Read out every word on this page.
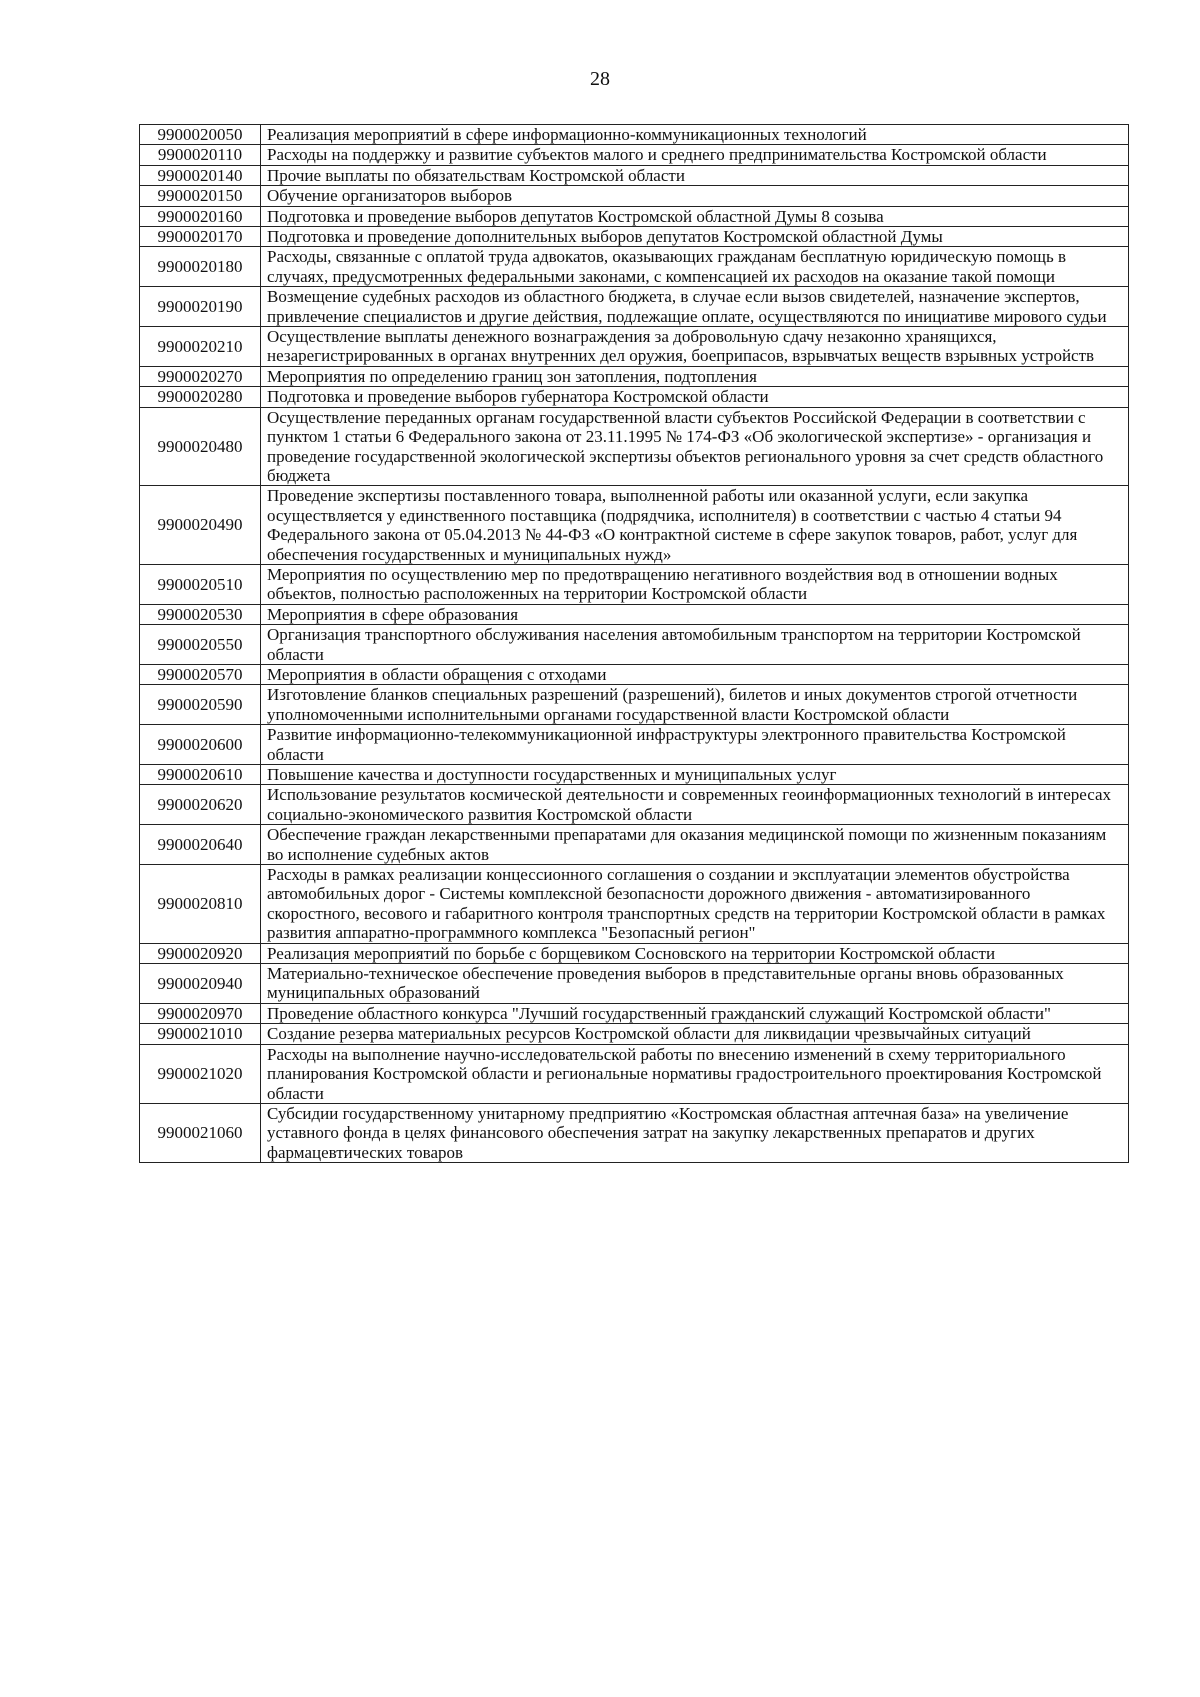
28
9900020050	Реализация мероприятий в сфере информационно-коммуникационных технологий
9900020110	Расходы на поддержку и развитие субъектов малого и среднего предпринимательства Костромской области
9900020140	Прочие выплаты по обязательствам Костромской области
9900020150	Обучение организаторов выборов
9900020160	Подготовка и проведение выборов депутатов Костромской областной Думы 8 созыва
9900020170	Подготовка и проведение дополнительных выборов депутатов Костромской областной Думы
9900020180	Расходы, связанные с оплатой труда адвокатов, оказывающих гражданам бесплатную юридическую помощь в случаях, предусмотренных федеральными законами, с компенсацией их расходов на оказание такой помощи
9900020190	Возмещение судебных расходов из областного бюджета, в случае если вызов свидетелей, назначение экспертов, привлечение специалистов и другие действия, подлежащие оплате, осуществляются по инициативе мирового судьи
9900020210	Осуществление выплаты денежного вознаграждения за добровольную сдачу незаконно хранящихся, незарегистрированных в органах внутренних дел оружия, боеприпасов, взрывчатых веществ взрывных устройств
9900020270	Мероприятия по определению границ зон затопления, подтопления
9900020280	Подготовка и проведение выборов губернатора Костромской области
9900020480	Осуществление переданных органам государственной власти субъектов Российской Федерации в соответствии с пунктом 1 статьи 6 Федерального закона от 23.11.1995 № 174-ФЗ «Об экологической экспертизе» - организация и проведение государственной экологической экспертизы объектов регионального уровня за счет средств областного бюджета
9900020490	Проведение экспертизы поставленного товара, выполненной работы или оказанной услуги, если закупка осуществляется у единственного поставщика (подрядчика, исполнителя) в соответствии с частью 4 статьи 94 Федерального закона от 05.04.2013 № 44-ФЗ «О контрактной системе в сфере закупок товаров, работ, услуг для обеспечения государственных и муниципальных нужд»
9900020510	Мероприятия по осуществлению мер по предотвращению негативного воздействия вод в отношении водных объектов, полностью расположенных на территории Костромской области
9900020530	Мероприятия в сфере образования
9900020550	Организация транспортного обслуживания населения автомобильным транспортом на территории Костромской области
9900020570	Мероприятия в области обращения с отходами
9900020590	Изготовление бланков специальных разрешений (разрешений), билетов и иных документов строгой отчетности уполномоченными исполнительными органами государственной власти Костромской области
9900020600	Развитие информационно-телекоммуникационной инфраструктуры электронного правительства Костромской области
9900020610	Повышение качества и доступности государственных и муниципальных услуг
9900020620	Использование результатов космической деятельности и современных геоинформационных технологий в интересах социально-экономического развития Костромской области
9900020640	Обеспечение граждан лекарственными препаратами для оказания медицинской помощи по жизненным показаниям во исполнение судебных актов
9900020810	Расходы в рамках реализации концессионного соглашения о создании и эксплуатации элементов обустройства автомобильных дорог - Системы комплексной безопасности дорожного движения - автоматизированного скоростного, весового и габаритного контроля транспортных средств на территории Костромской области в рамках развития аппаратно-программного комплекса "Безопасный регион"
9900020920	Реализация мероприятий по борьбе с борщевиком Сосновского на территории Костромской области
9900020940	Материально-техническое обеспечение проведения выборов в представительные органы вновь образованных муниципальных образований
9900020970	Проведение областного конкурса "Лучший государственный гражданский служащий Костромской области"
9900021010	Создание резерва материальных ресурсов Костромской области для ликвидации чрезвычайных ситуаций
9900021020	Расходы на выполнение научно-исследовательской работы по внесению изменений в схему территориального планирования Костромской области и региональные нормативы градостроительного проектирования Костромской области
9900021060	Субсидии государственному унитарному предприятию «Костромская областная аптечная база» на увеличение уставного фонда в целях финансового обеспечения затрат на закупку лекарственных препаратов и других фармацевтических товаров
